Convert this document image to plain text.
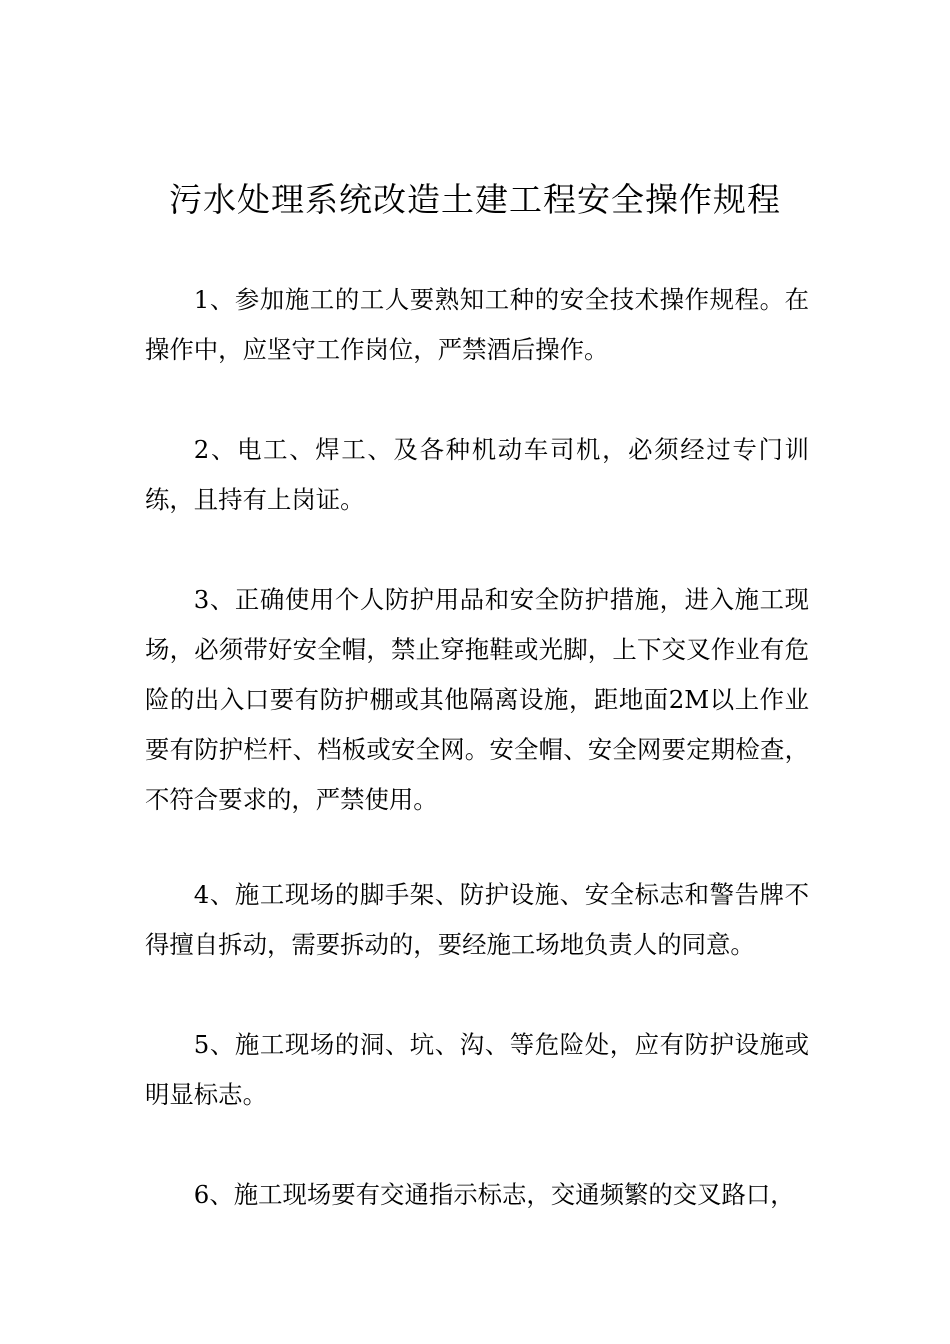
污水处理系统改造土建工程安全操作规程

1、参加施工的工人要熟知工种的安全技术操作规程。在操作中，应坚守工作岗位，严禁酒后操作。

2、电工、焊工、及各种机动车司机，必须经过专门训练，且持有上岗证。

3、正确使用个人防护用品和安全防护措施，进入施工现场，必须带好安全帽，禁止穿拖鞋或光脚，上下交叉作业有危险的出入口要有防护棚或其他隔离设施，距地面2M以上作业要有防护栏杆、档板或安全网。安全帽、安全网要定期检查，不符合要求的，严禁使用。

4、施工现场的脚手架、防护设施、安全标志和警告牌不得擅自拆动，需要拆动的，要经施工场地负责人的同意。

5、施工现场的洞、坑、沟、等危险处，应有防护设施或明显标志。

6、施工现场要有交通指示标志，交通频繁的交叉路口，
